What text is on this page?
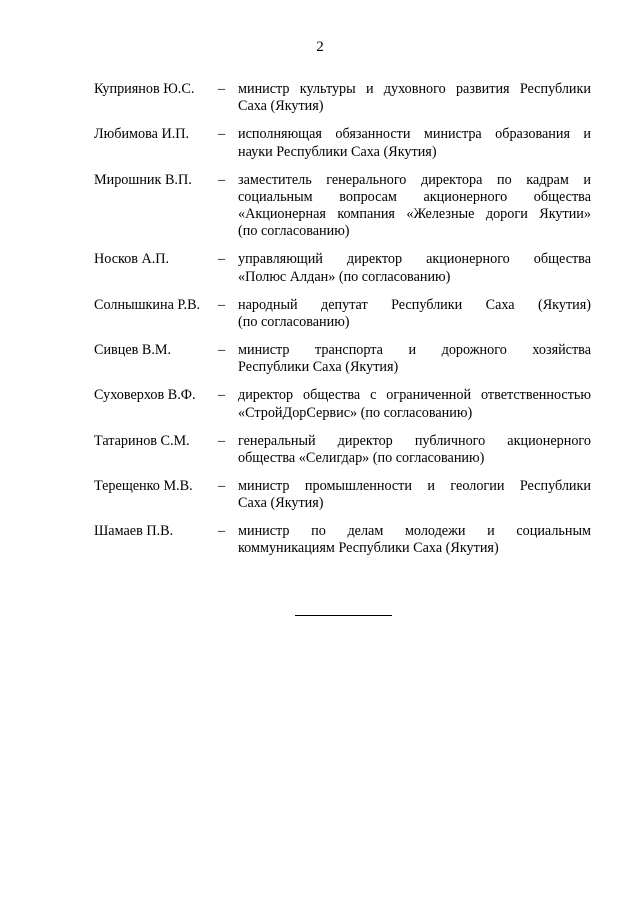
2
Куприянов Ю.С.	– министр культуры и духовного развития Республики
Саха (Якутия)
Любимова И.П.	– исполняющая обязанности министра образования и
науки Республики Саха (Якутия)
Мирошник В.П.	– заместитель генерального директора по кадрам и
социальным вопросам акционерного общества
«Акционерная компания «Железные дороги Якутии»
(по согласованию)
Носков А.П.	– управляющий директор акционерного общества
«Полюс Алдан» (по согласованию)
Солнышкина Р.В.	– народный депутат Республики Саха (Якутия)
(по согласованию)
Сивцев В.М.	– министр транспорта и дорожного хозяйства
Республики Саха (Якутия)
Суховерхов В.Ф.	– директор общества с ограниченной ответственностью
«СтройДорСервис» (по согласованию)
Татаринов С.М.	– генеральный директор публичного акционерного
общества «Селигдар» (по согласованию)
Терещенко М.В.	– министр промышленности и геологии Республики
Саха (Якутия)
Шамаев П.В.	– министр по делам молодежи и социальным
коммуникациям Республики Саха (Якутия)
